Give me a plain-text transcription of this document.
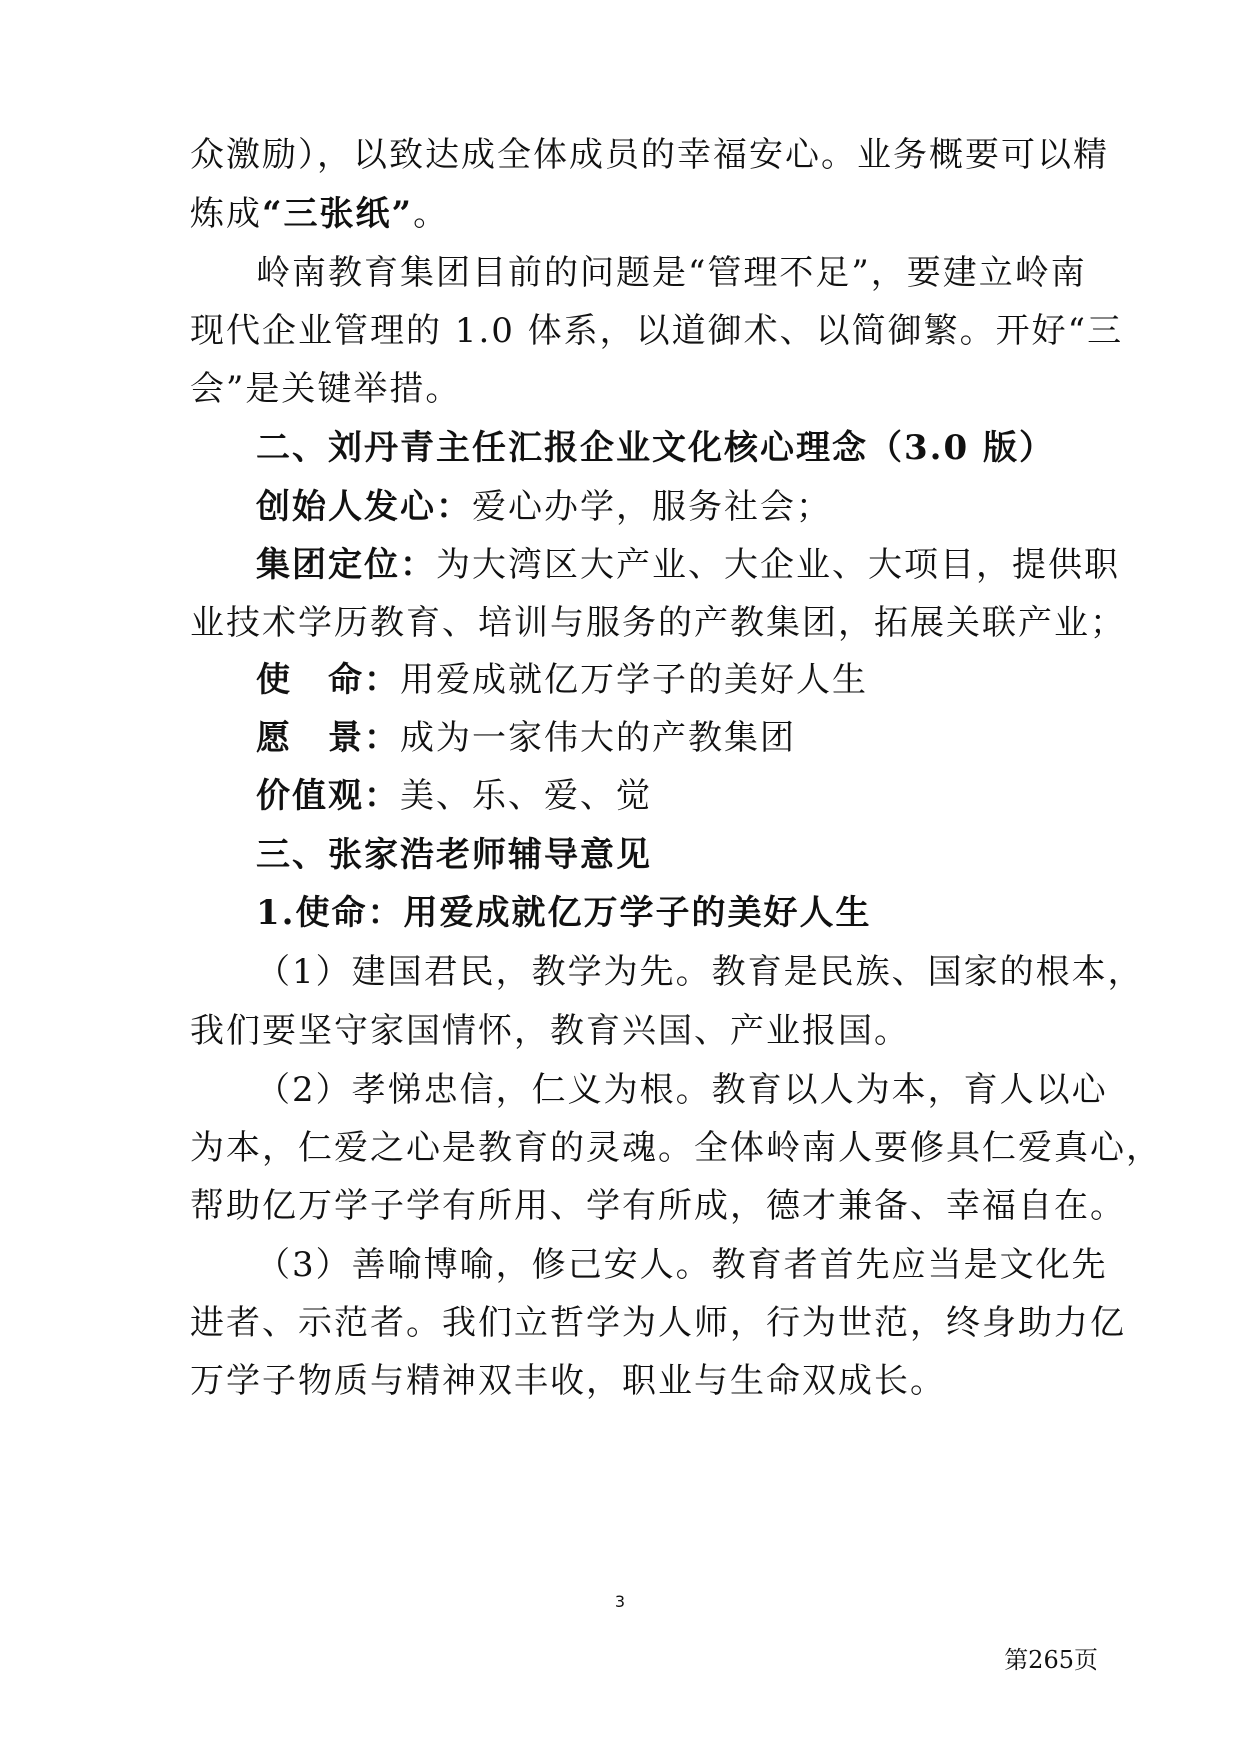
众激励），以致达成全体成员的幸福安心。业务概要可以精
炼成“三张纸”。
岭南教育集团目前的问题是“管理不足”，要建立岭南
现代企业管理的 1.0 体系，以道御术、以简御繁。开好“三
会”是关键举措。
二、刘丹青主任汇报企业文化核心理念（3.0 版）
创始人发心：爱心办学，服务社会；
集团定位：为大湾区大产业、大企业、大项目，提供职
业技术学历教育、培训与服务的产教集团，拓展关联产业；
使　命：用爱成就亿万学子的美好人生
愿　景：成为一家伟大的产教集团
价值观：美、乐、爱、觉
三、张家浩老师辅导意见
1.使命：用爱成就亿万学子的美好人生
（1）建国君民，教学为先。教育是民族、国家的根本，
我们要坚守家国情怀，教育兴国、产业报国。
（2）孝悌忠信，仁义为根。教育以人为本，育人以心
为本，仁爱之心是教育的灵魂。全体岭南人要修具仁爱真心，
帮助亿万学子学有所用、学有所成，德才兼备、幸福自在。
（3）善喻博喻，修己安人。教育者首先应当是文化先
进者、示范者。我们立哲学为人师，行为世范，终身助力亿
万学子物质与精神双丰收，职业与生命双成长。
3
第265页
